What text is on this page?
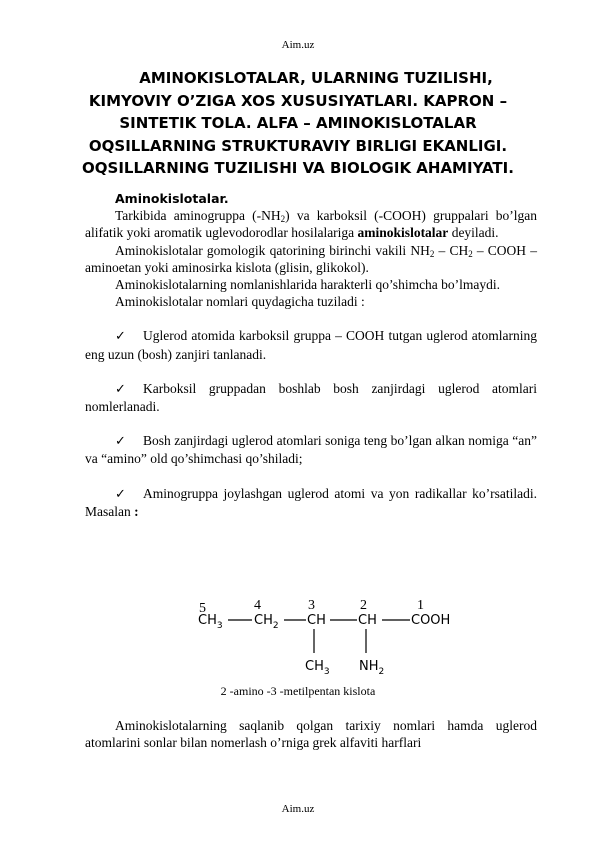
Aim.uz
AMINOKISLOTALAR, ULARNING TUZILISHI,
KIMYOVIY O’ZIGA XOS XUSUSIYATLARI. KAPRON –
SINTETIK TOLA. ALFA – AMINOKISLOTALAR
OQSILLARNING STRUKTURAVIY BIRLIGI EKANLIGI.
OQSILLARNING TUZILISHI VA BIOLOGIK AHAMIYATI.

Aminokislotalar.

Tarkibida aminogruppa $(-NH_2)$ va karboksil (-COOH) gruppalari bo’lgan alifatik yoki aromatik uglevodorodlar hosilalariga aminokislotalar deyiladi.

Aminokislotalar gomologik qatorining birinchi vakili $NH_2 - CH_2$ – COOH – aminoetan yoki aminosirka kislota (glisin, glikokol).

Aminokislotalarning nomlanishlarida harakterli qo’shimcha bo’lmaydi.

Aminokislotalar nomlari quydagicha tuziladi :

✓ Uglerod atomida karboksil gruppa – COOH tutgan uglerod atomlarning eng uzun (bosh) zanjiri tanlanadi.

✓ Karboksil gruppadan boshlab bosh zanjirdagi uglerod atomlari nomlerlanadi.

✓ Bosh zanjirdagi uglerod atomlari soniga teng bo’lgan alkan nomiga “an” va “amino” old qo’shimchasi qo’shiladi;

✓ Aminogruppa joylashgan uglerod atomi va yon radikallar ko’rsatiladi. Masalan :

5	4	3	2	1
$CH_3$ $CH_2$ CH CH	COOH
$CH_3$ $NH_2$
2 -amino -3 -metilpentan kislota

Aminokislotalarning saqlanib qolgan tarixiy nomlari hamda uglerod atomlarini sonlar bilan nomerlash o’rniga grek alfaviti harflari

Aim.uz
